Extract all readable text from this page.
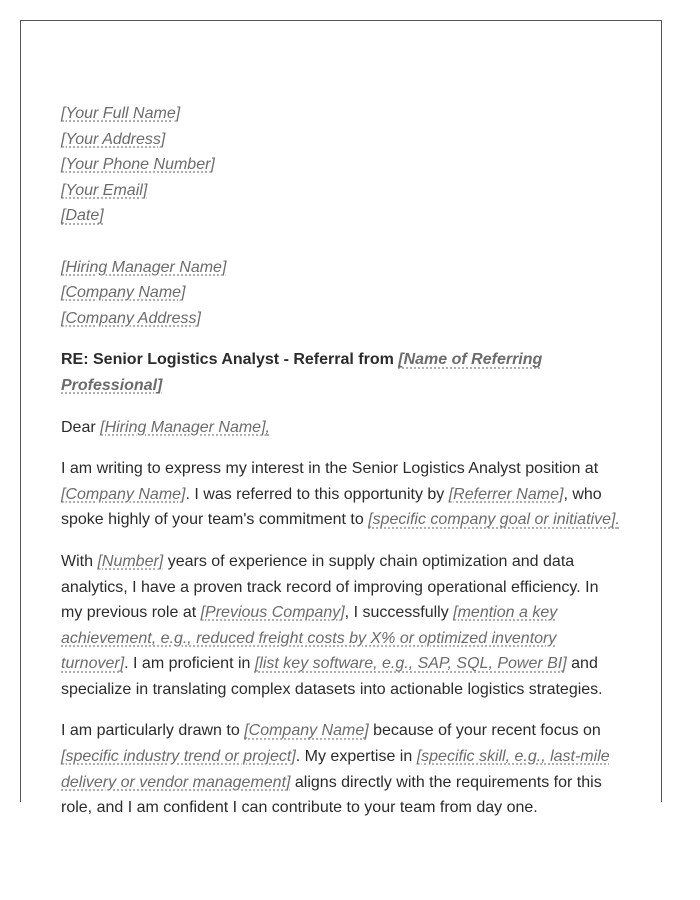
[Your Full Name]
[Your Address]
[Your Phone Number]
[Your Email]
[Date]
[Hiring Manager Name]
[Company Name]
[Company Address]

RE: Senior Logistics Analyst - Referral from [Name of Referring Professional]

Dear [Hiring Manager Name],

I am writing to express my interest in the Senior Logistics Analyst position at [Company Name]. I was referred to this opportunity by [Referrer Name], who spoke highly of your team's commitment to [specific company goal or initiative].

With [Number] years of experience in supply chain optimization and data analytics, I have a proven track record of improving operational efficiency. In my previous role at [Previous Company], I successfully [mention a key achievement, e.g., reduced freight costs by X% or optimized inventory turnover]. I am proficient in [list key software, e.g., SAP, SQL, Power BI] and specialize in translating complex datasets into actionable logistics strategies.

I am particularly drawn to [Company Name] because of your recent focus on [specific industry trend or project]. My expertise in [specific skill, e.g., last-mile delivery or vendor management] aligns directly with the requirements for this role, and I am confident I can contribute to your team from day one.
